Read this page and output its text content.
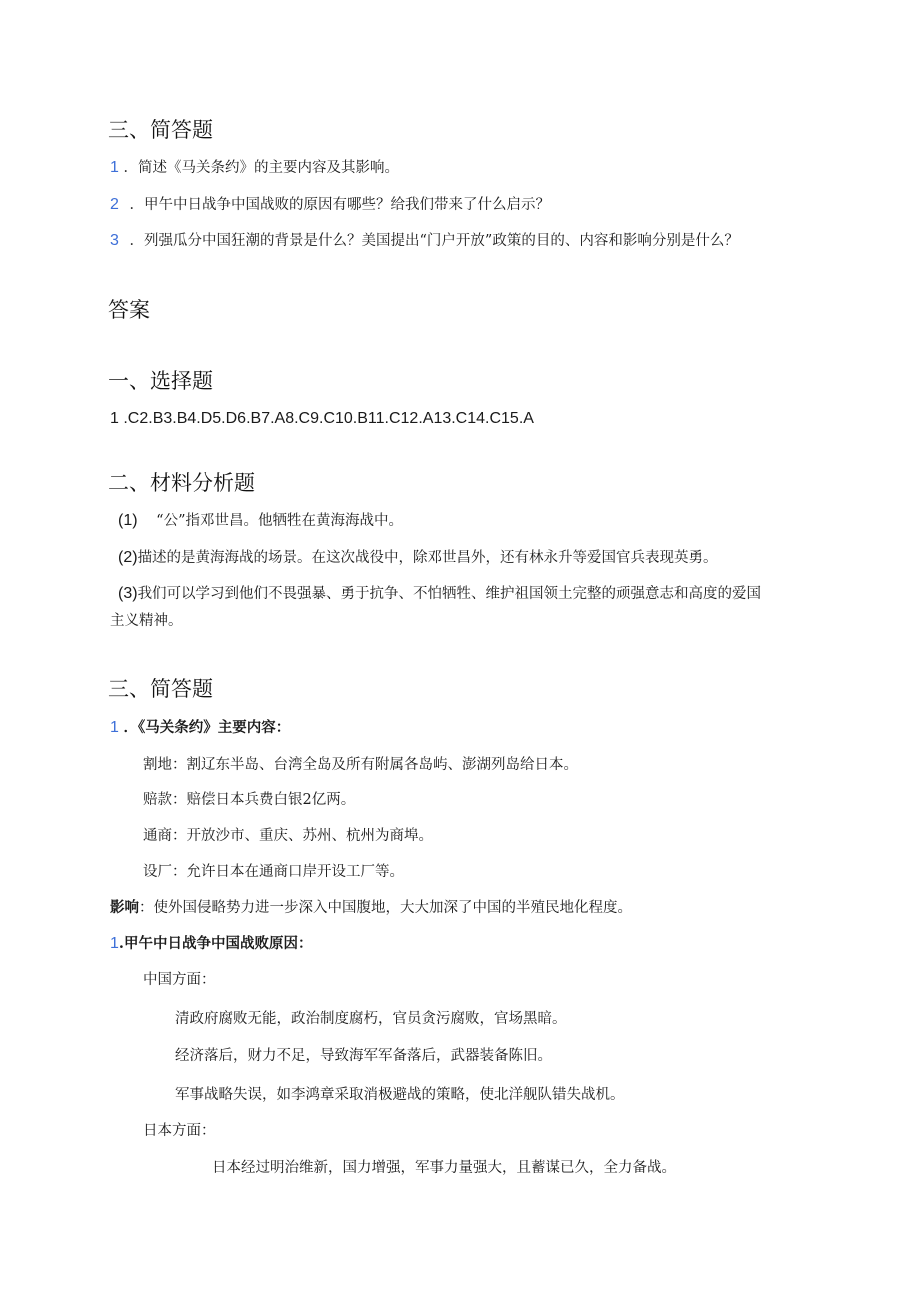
三、简答题
1 ．简述《马关条约》的主要内容及其影响。
2 ．甲午中日战争中国战败的原因有哪些？给我们带来了什么启示？
3 ．列强瓜分中国狂潮的背景是什么？美国提出“门户开放”政策的目的、内容和影响分别是什么？
答案
一、选择题
1 .C2.B3.B4.D5.D6.B7.A8.C9.C10.B11.C12.A13.C14.C15.A
二、材料分析题
(1) “公”指邓世昌。他牺牲在黄海海战中。
(2)描述的是黄海海战的场景。在这次战役中，除邓世昌外，还有林永升等爱国官兵表现英勇。
(3)我们可以学习到他们不畏强暴、勇于抗争、不怕牺牲、维护祖国领土完整的顽强意志和高度的爱国
主义精神。
三、简答题
1 ．《马关条约》主要内容：
割地：割辽东半岛、台湾全岛及所有附属各岛屿、澎湖列岛给日本。
赔款：赔偿日本兵费白银2亿两。
通商：开放沙市、重庆、苏州、杭州为商埠。
设厂：允许日本在通商口岸开设工厂等。
影响：使外国侵略势力进一步深入中国腹地，大大加深了中国的半殖民地化程度。
1.甲午中日战争中国战败原因：
中国方面：
清政府腐败无能，政治制度腐朽，官员贪污腐败，官场黑暗。
经济落后，财力不足，导致海军军备落后，武器装备陈旧。
军事战略失误，如李鸿章采取消极避战的策略，使北洋舰队错失战机。
日本方面：
日本经过明治维新，国力增强，军事力量强大，且蓄谋已久，全力备战。
